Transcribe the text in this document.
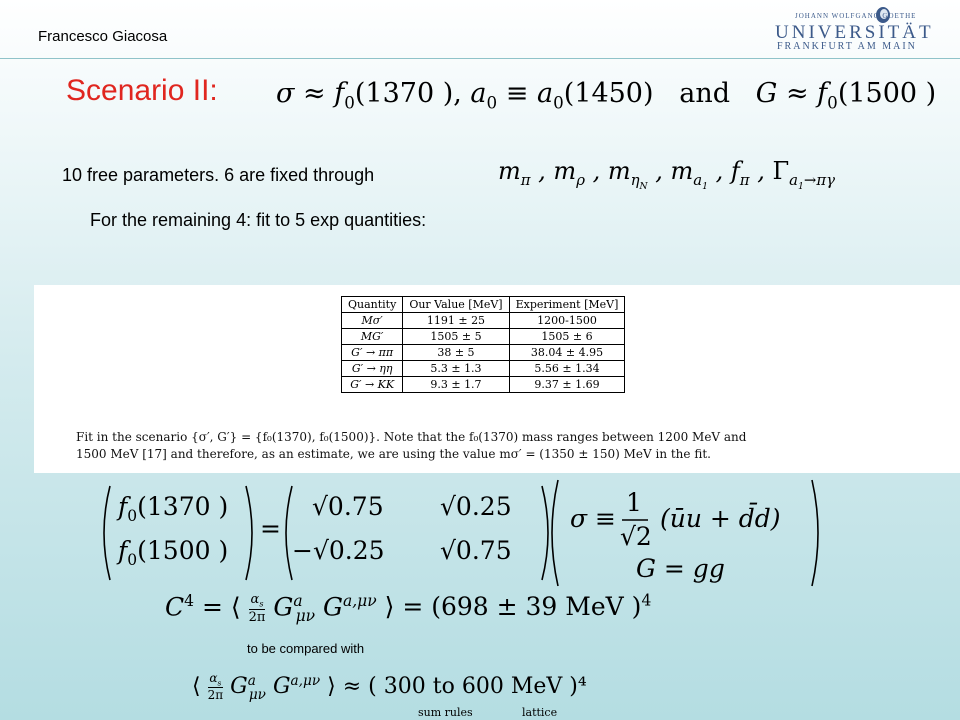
Francesco Giacosa
JOHANN WOLFGANG GOETHE
UNIVERSITÄT
FRANKFURT AM MAIN
Scenario II: $\sigma \approx f_0(1370$ ), $a_0 \equiv a_0(1450)$ and   $G \approx f_0(1500$ )
10 free parameters. 6 are fixed through	$m_\pi$ , $m_\rho$ , $m_{\eta_N}$ , $m_{a_1}$ , $f_\pi$ , $\Gamma_{a_1\to\pi\gamma}$
For the remaining 4: fit to 5 exp quantities:
Quantity	Our Value [MeV]	Experiment [MeV]
Mσ′	1191 ± 25	1200-1500
MG′	1505 ± 5	1505 ± 6
G′ → ππ	38 ± 5	38.04 ± 4.95
G′ → ηη	5.3 ± 1.3	5.56 ± 1.34
G′ → KK	9.3 ± 1.7	9.37 ± 1.69
Fit in the scenario {σ′, G′} = {f₀(1370), f₀(1500)}. Note that the f₀(1370) mass ranges between 1200 MeV and
1500 MeV [17] and therefore, as an estimate, we are using the value mσ′ = (1350 ± 150) MeV in the fit.
$f_0(1370$ )
$f_0(1500$ )
=
√0.75 √0.25
−√0.25 √0.75
σ ≡
1
√2
(ūu + d̄d)
G = gg
$C^4$ = ⟨ $\alpha_s$
2π $G^a_{\mu\nu}$ $G^{a,\mu\nu}$ ⟩ = (698 ± 39 MeV )$^4$
to be compared with
⟨ $\alpha_s$
2π $G^a_{\mu\nu}$ $G^{a,\mu\nu}$ ⟩ ≈ ( 300 to 600 MeV )⁴
sum rules	lattice
